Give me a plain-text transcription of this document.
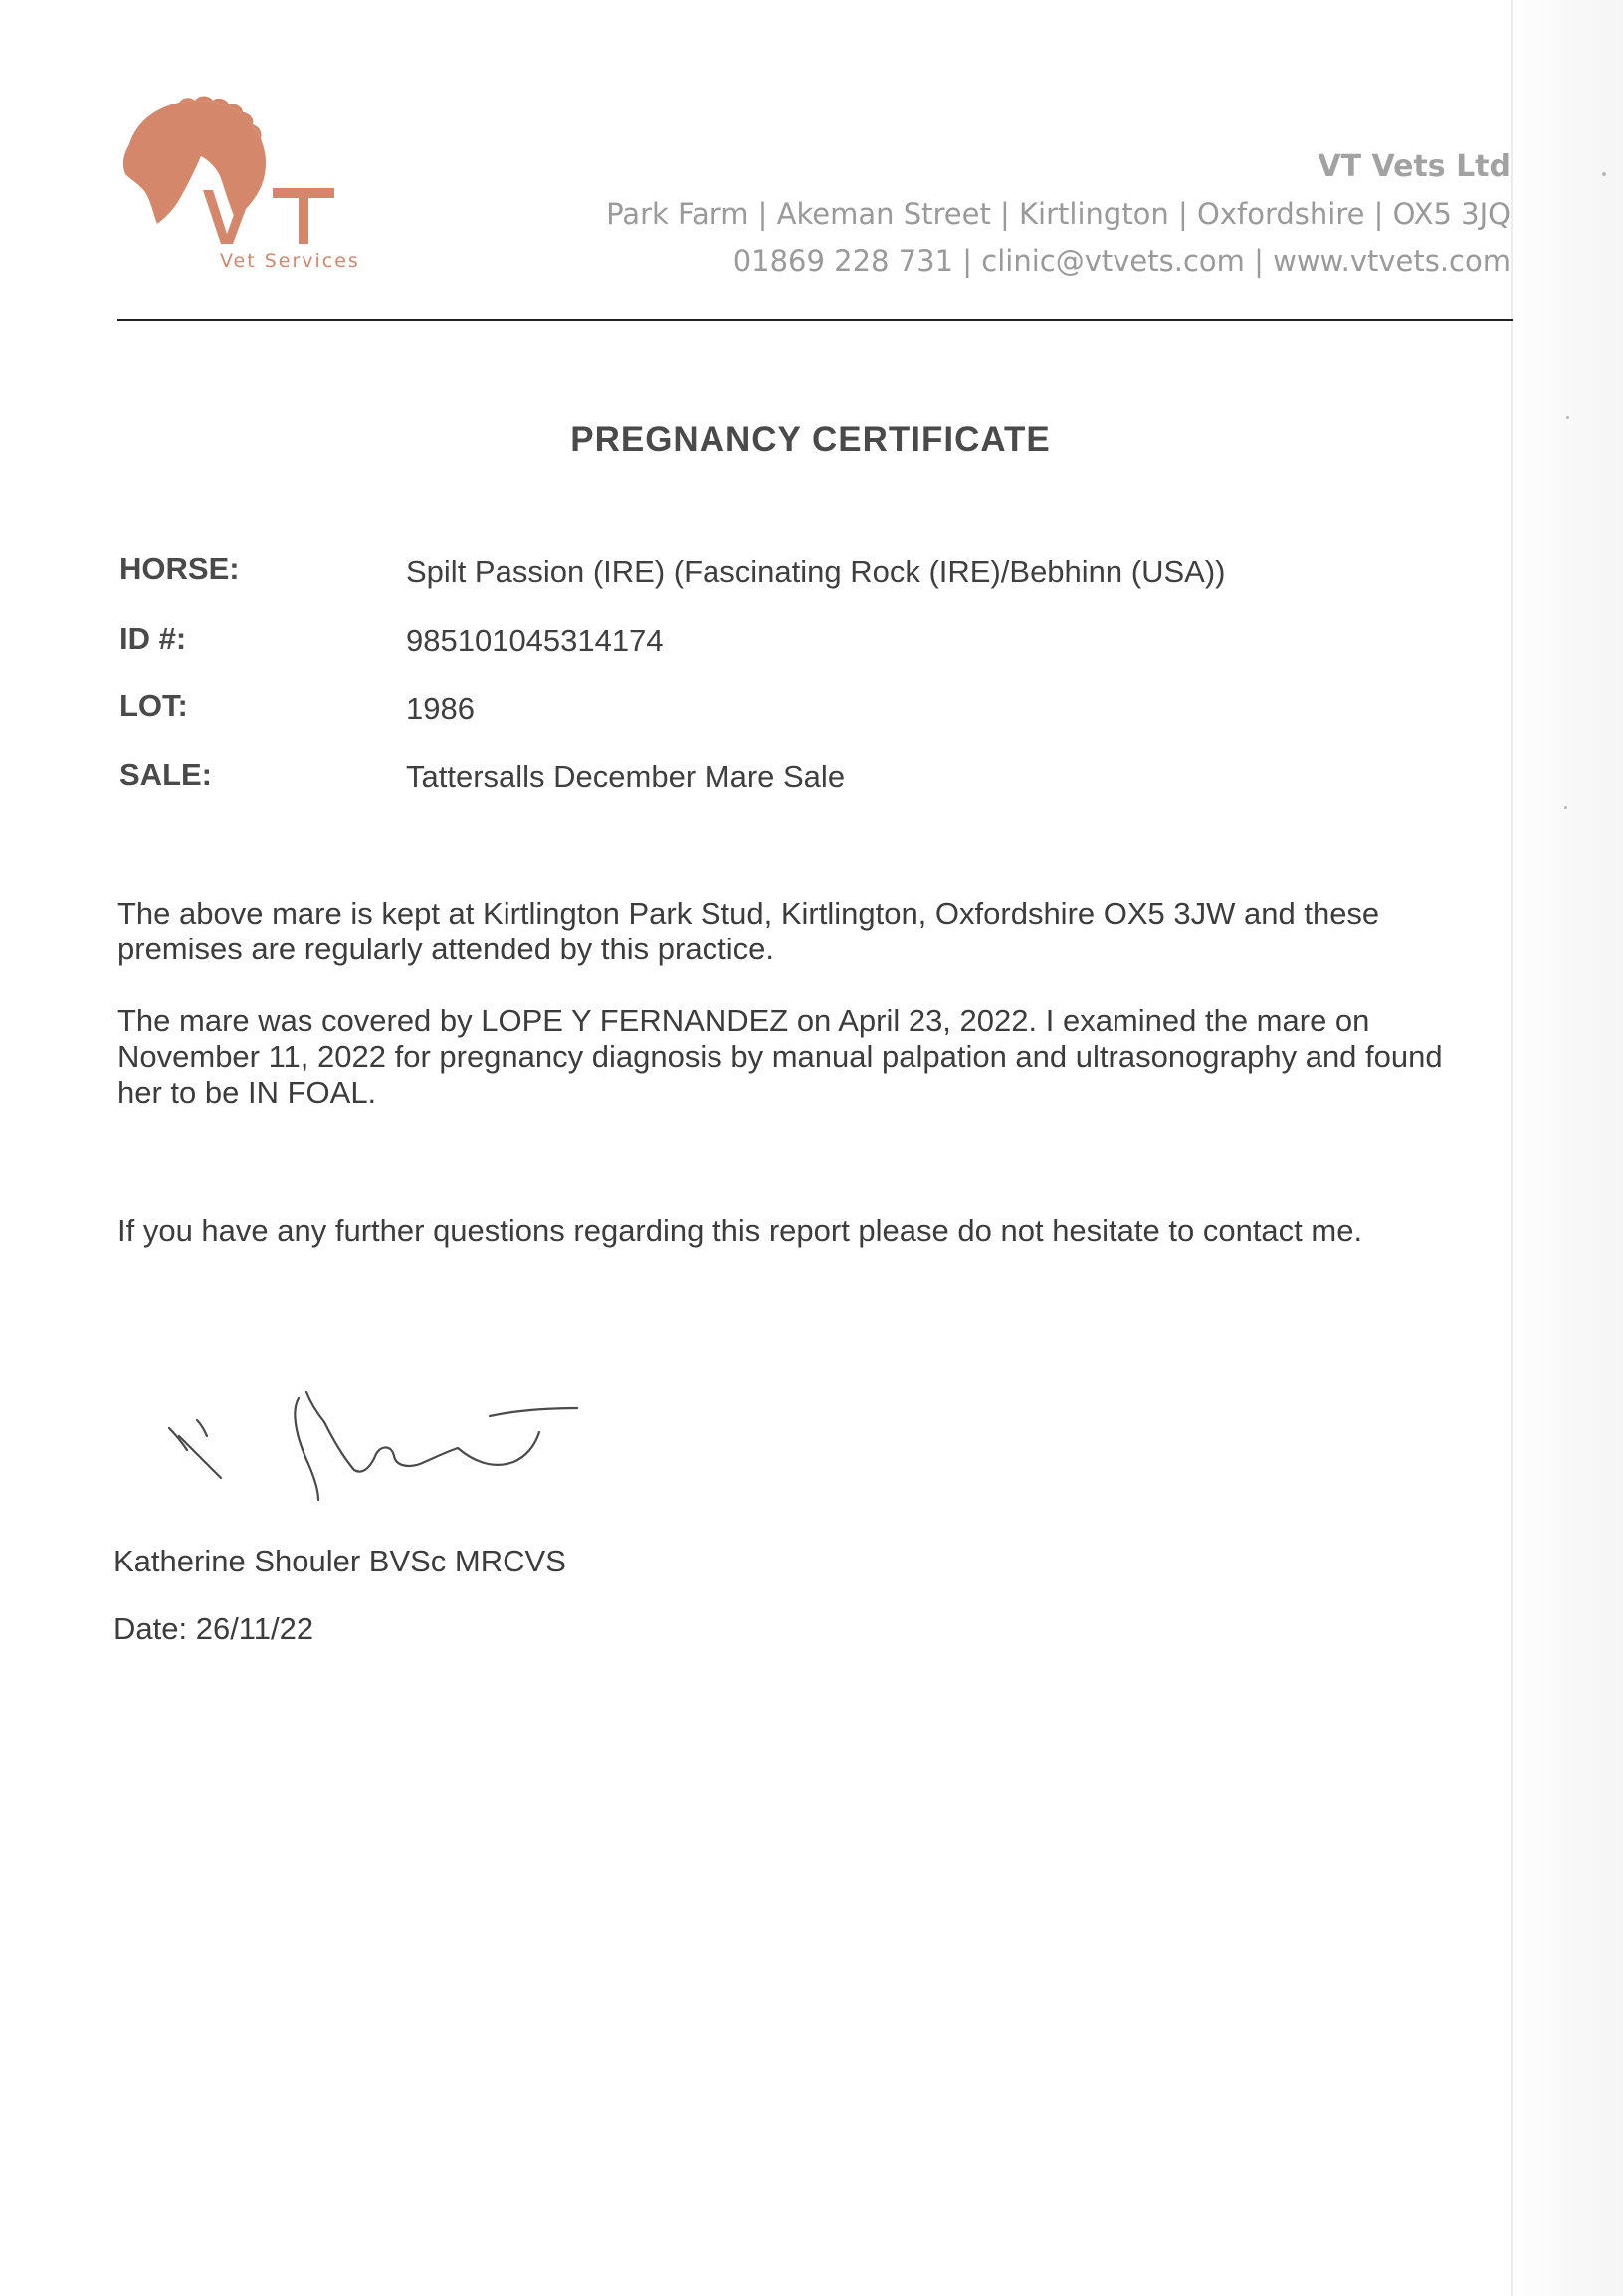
Vet Services
VT Vets Ltd
Park Farm | Akeman Street | Kirtlington | Oxfordshire | OX5 3JQ
01869 228 731 | clinic@vtvets.com | www.vtvets.com
PREGNANCY CERTIFICATE
HORSE:	Spilt Passion (IRE) (Fascinating Rock (IRE)/Bebhinn (USA))
ID #:	985101045314174
LOT:	1986
SALE:	Tattersalls December Mare Sale
The above mare is kept at Kirtlington Park Stud, Kirtlington, Oxfordshire OX5 3JW and these
premises are regularly attended by this practice.
The mare was covered by LOPE Y FERNANDEZ on April 23, 2022. I examined the mare on
November 11, 2022 for pregnancy diagnosis by manual palpation and ultrasonography and found
her to be IN FOAL.
If you have any further questions regarding this report please do not hesitate to contact me.
Katherine Shouler BVSc MRCVS
Date: 26/11/22
